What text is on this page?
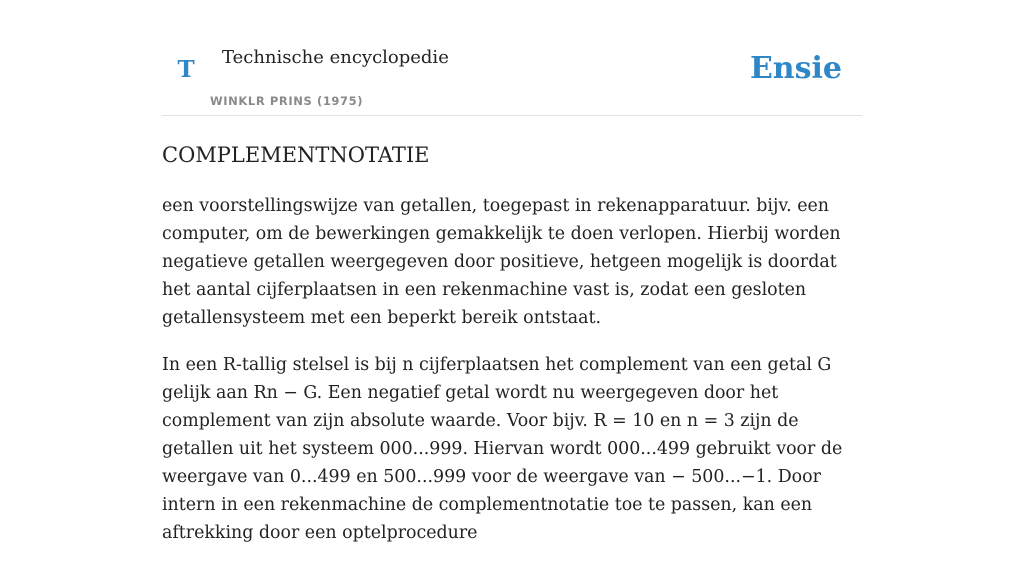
T Technische encyclopedie
WINKLR PRINS (1975)
Ensie
COMPLEMENTNOTATIE

een voorstellingswijze van getallen, toegepast in rekenapparatuur. bijv. een computer, om de bewerkingen gemakkelijk te doen verlopen. Hierbij worden negatieve getallen weergegeven door positieve, hetgeen mogelijk is doordat het aantal cijferplaatsen in een rekenmachine vast is, zodat een gesloten getallensysteem met een beperkt bereik ontstaat.

In een R-tallig stelsel is bij n cijferplaatsen het complement van een getal G gelijk aan Rn − G. Een negatief getal wordt nu weergegeven door het complement van zijn absolute waarde. Voor bijv. R = 10 en n = 3 zijn de getallen uit het systeem 000...999. Hiervan wordt 000...499 gebruikt voor de weergave van 0...499 en 500...999 voor de weergave van − 500...−1. Door intern in een rekenmachine de complementnotatie toe te passen, kan een aftrekking door een optelprocedure
